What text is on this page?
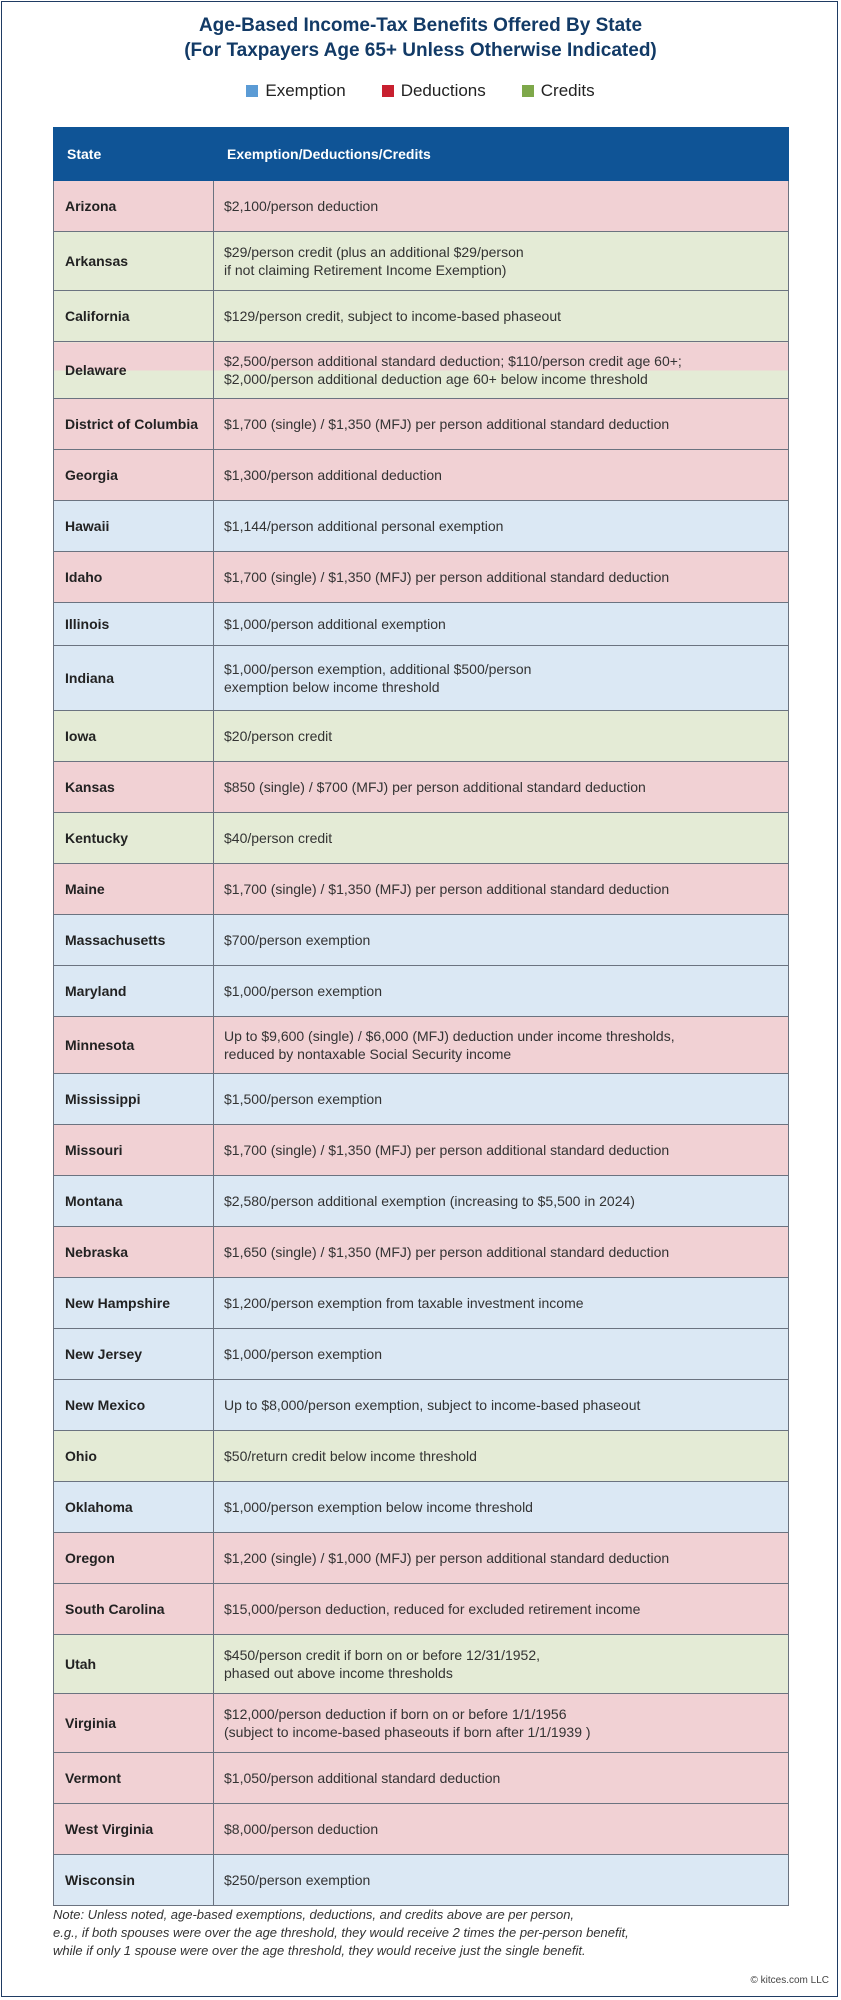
Age-Based Income-Tax Benefits Offered By State
(For Taxpayers Age 65+ Unless Otherwise Indicated)
Exemption	Deductions	Credits
State	Exemption/Deductions/Credits
Arizona	$2,100/person deduction

Arkansas	$29/person credit (plus an additional $29/person
if not claiming Retirement Income Exemption)

California	$129/person credit, subject to income-based phaseout

Delaware	$2,500/person additional standard deduction; $110/person credit age 60+;
$2,000/person additional deduction age 60+ below income threshold

District of Columbia	$1,700 (single) / $1,350 (MFJ) per person additional standard deduction

Georgia	$1,300/person additional deduction

Hawaii	$1,144/person additional personal exemption

Idaho	$1,700 (single) / $1,350 (MFJ) per person additional standard deduction

Illinois	$1,000/person additional exemption

Indiana	$1,000/person exemption, additional $500/person
exemption below income threshold

Iowa	$20/person credit

Kansas	$850 (single) / $700 (MFJ) per person additional standard deduction

Kentucky	$40/person credit

Maine	$1,700 (single) / $1,350 (MFJ) per person additional standard deduction

Massachusetts	$700/person exemption

Maryland	$1,000/person exemption

Minnesota	Up to $9,600 (single) / $6,000 (MFJ) deduction under income thresholds,
reduced by nontaxable Social Security income

Mississippi	$1,500/person exemption

Missouri	$1,700 (single) / $1,350 (MFJ) per person additional standard deduction

Montana	$2,580/person additional exemption (increasing to $5,500 in 2024)

Nebraska	$1,650 (single) / $1,350 (MFJ) per person additional standard deduction

New Hampshire	$1,200/person exemption from taxable investment income

New Jersey	$1,000/person exemption

New Mexico	Up to $8,000/person exemption, subject to income-based phaseout

Ohio	$50/return credit below income threshold

Oklahoma	$1,000/person exemption below income threshold

Oregon	$1,200 (single) / $1,000 (MFJ) per person additional standard deduction

South Carolina	$15,000/person deduction, reduced for excluded retirement income

Utah	$450/person credit if born on or before 12/31/1952,
phased out above income thresholds

Virginia	$12,000/person deduction if born on or before 1/1/1956
(subject to income-based phaseouts if born after 1/1/1939 )

Vermont	$1,050/person additional standard deduction

West Virginia	$8,000/person deduction

Wisconsin	$250/person exemption
Note: Unless noted, age-based exemptions, deductions, and credits above are per person,
e.g., if both spouses were over the age threshold, they would receive 2 times the per-person benefit,
while if only 1 spouse were over the age threshold, they would receive just the single benefit.
© kitces.com LLC
